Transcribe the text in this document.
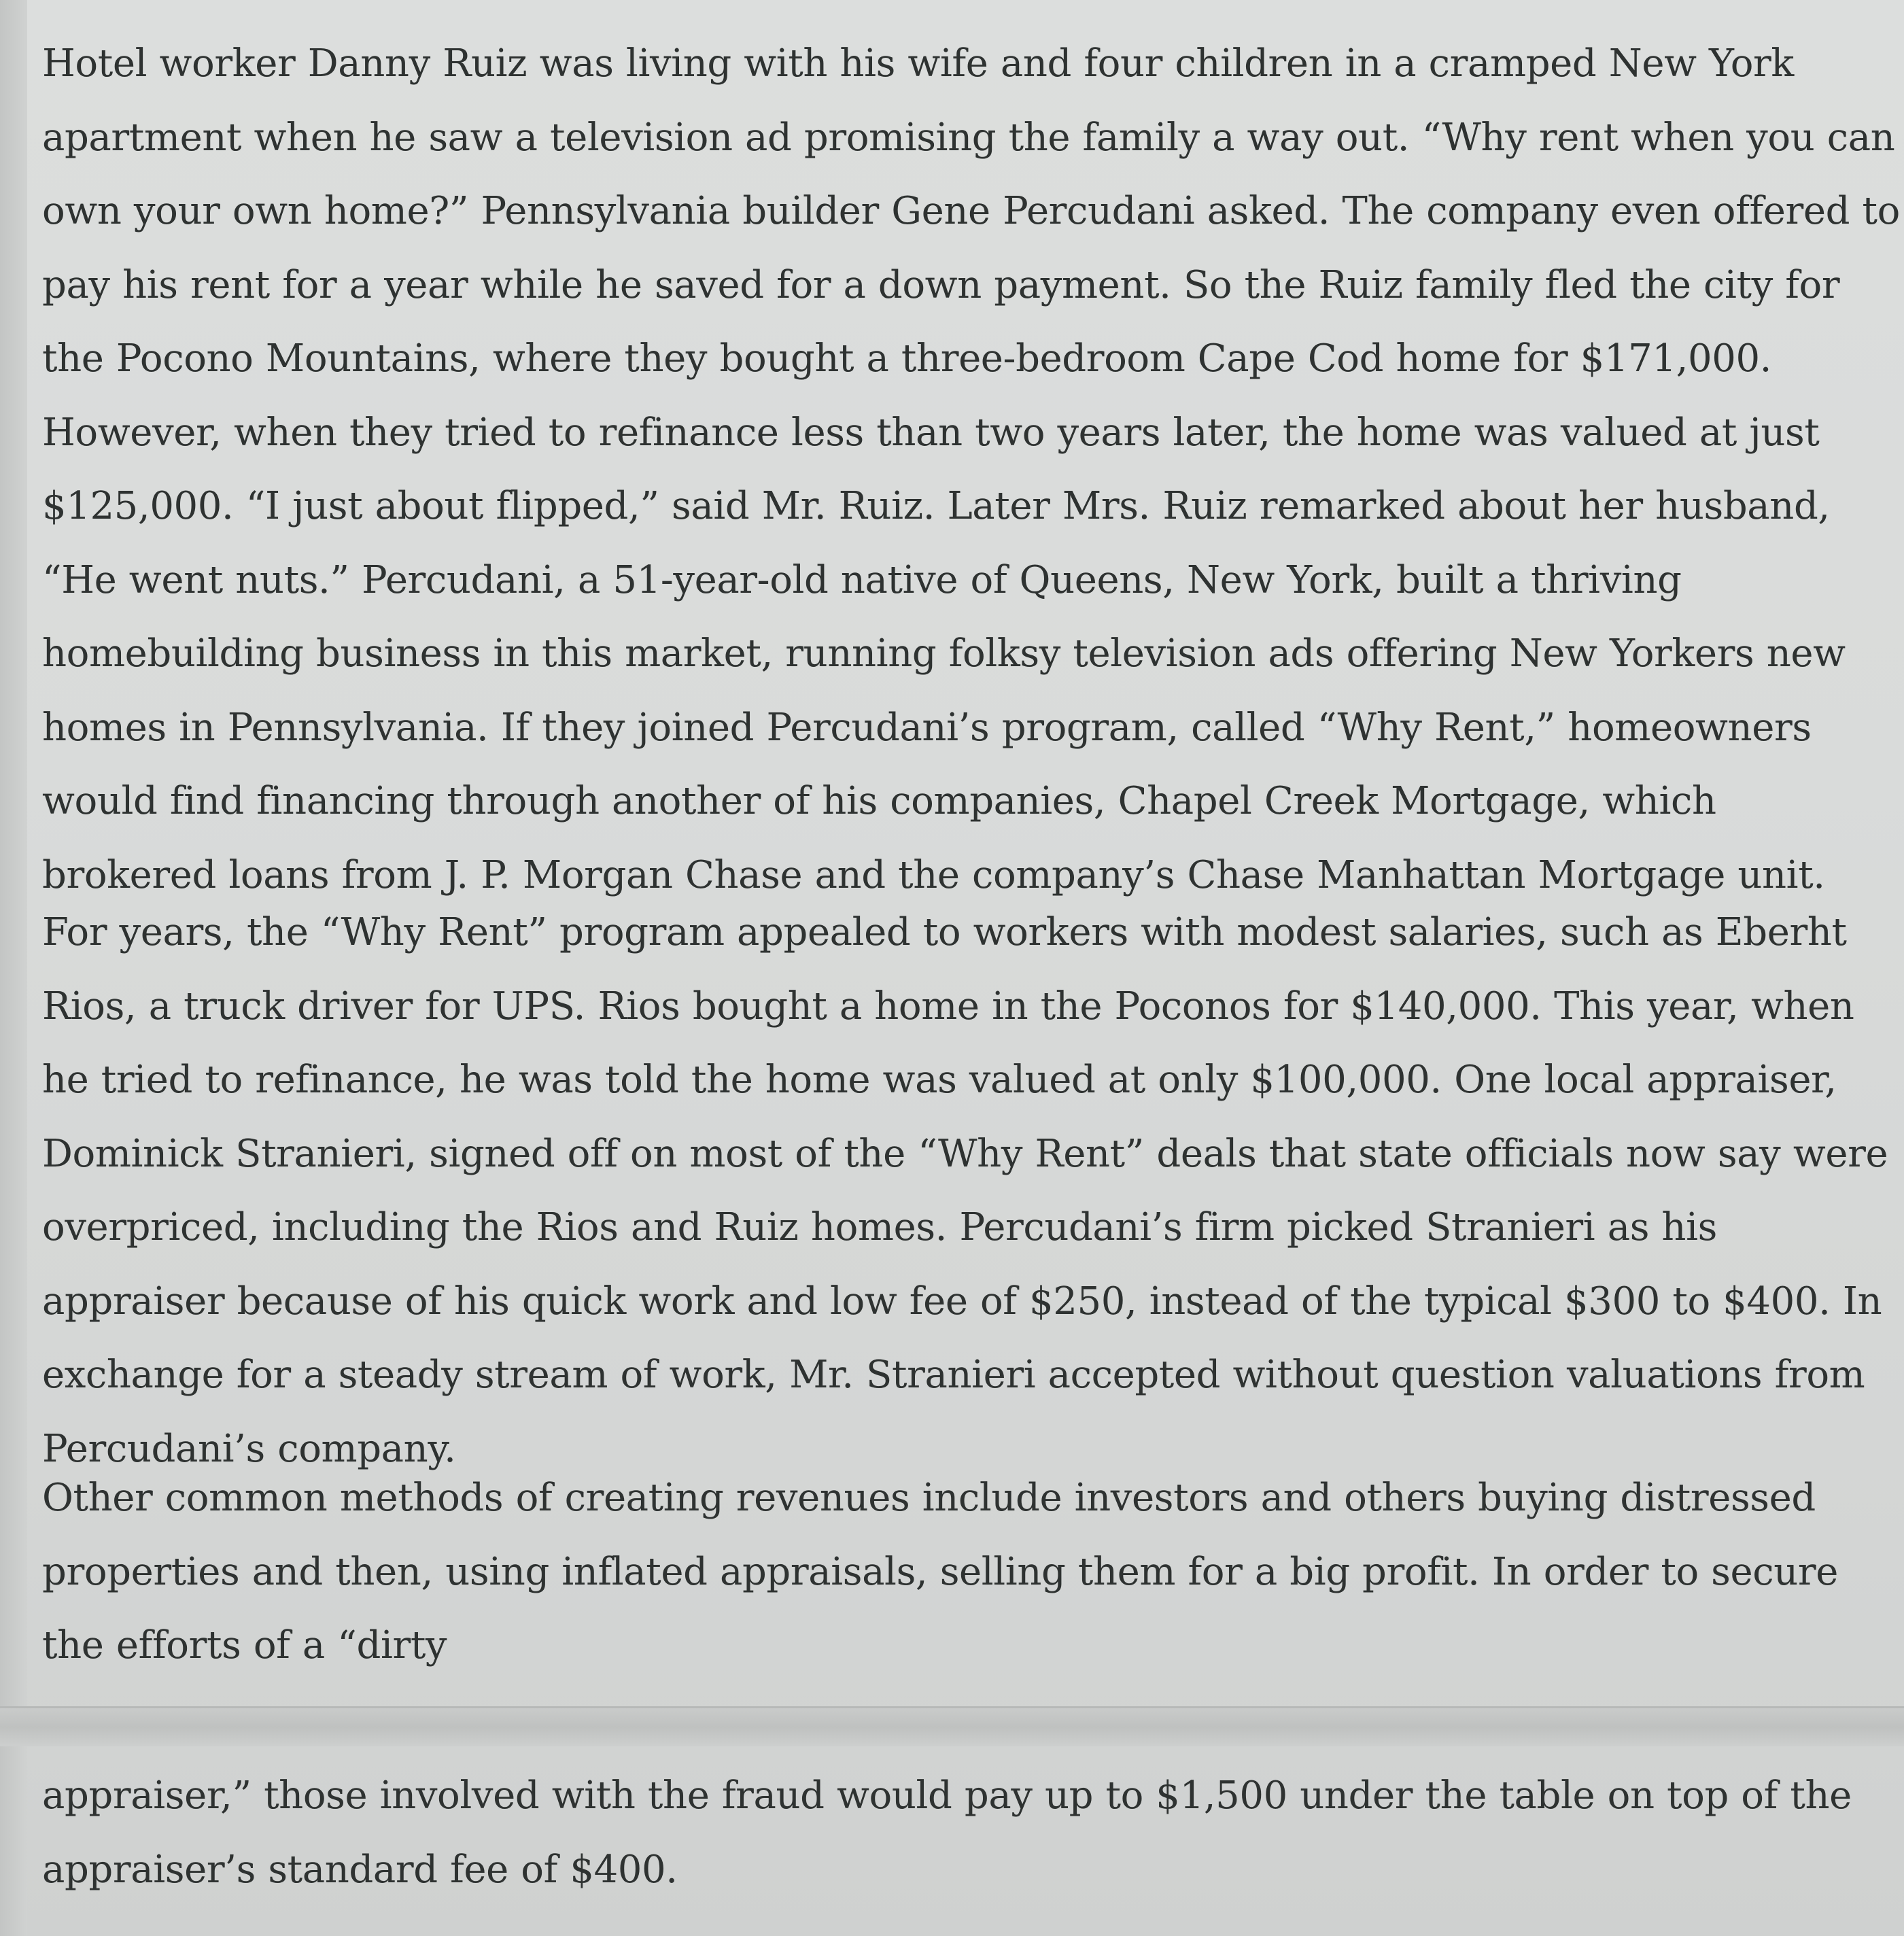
Hotel worker Danny Ruiz was living with his wife and four children in a cramped New York apartment when he saw a television ad promising the family a way out. “Why rent when you can own your own home?” Pennsylvania builder Gene Percudani asked. The company even offered to pay his rent for a year while he saved for a down payment. So the Ruiz family fled the city for the Pocono Mountains, where they bought a three-bedroom Cape Cod home for $171,000. However, when they tried to refinance less than two years later, the home was valued at just $125,000. “I just about flipped,” said Mr. Ruiz. Later Mrs. Ruiz remarked about her husband, “He went nuts.” Percudani, a 51-year-old native of Queens, New York, built a thriving homebuilding business in this market, running folksy television ads offering New Yorkers new homes in Pennsylvania. If they joined Percudani’s program, called “Why Rent,” homeowners would find financing through another of his companies, Chapel Creek Mortgage, which brokered loans from J. P. Morgan Chase and the company’s Chase Manhattan Mortgage unit.

For years, the “Why Rent” program appealed to workers with modest salaries, such as Eberht Rios, a truck driver for UPS. Rios bought a home in the Poconos for $140,000. This year, when he tried to refinance, he was told the home was valued at only $100,000. One local appraiser, Dominick Stranieri, signed off on most of the “Why Rent” deals that state officials now say were overpriced, including the Rios and Ruiz homes. Percudani’s firm picked Stranieri as his appraiser because of his quick work and low fee of $250, instead of the typical $300 to $400. In exchange for a steady stream of work, Mr. Stranieri accepted without question valuations from Percudani’s company.

Other common methods of creating revenues include investors and others buying distressed properties and then, using inflated appraisals, selling them for a big profit. In order to secure the efforts of a “dirty

appraiser,” those involved with the fraud would pay up to $1,500 under the table on top of the appraiser’s standard fee of $400.
